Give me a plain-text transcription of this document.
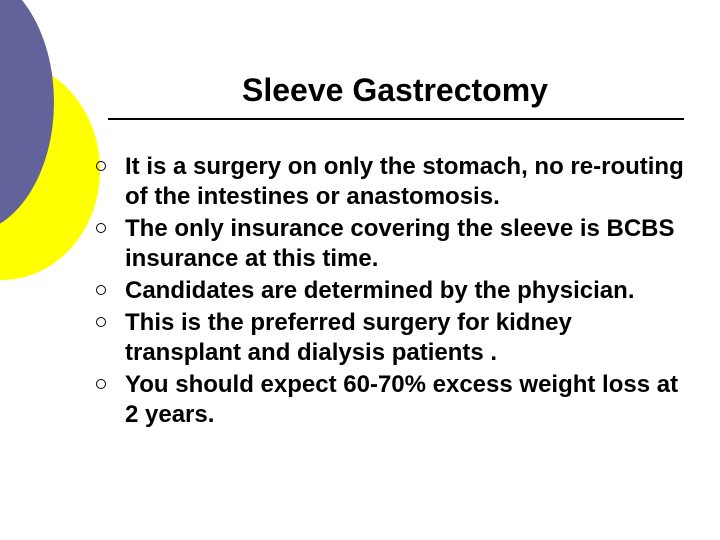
Sleeve Gastrectomy
It is a surgery on only the stomach, no re-routing of the intestines or anastomosis.
The only insurance covering the sleeve is BCBS insurance at this time.
Candidates are determined by the physician.
This is the preferred surgery for kidney transplant and dialysis patients .
You should expect 60-70% excess weight loss at 2 years.
